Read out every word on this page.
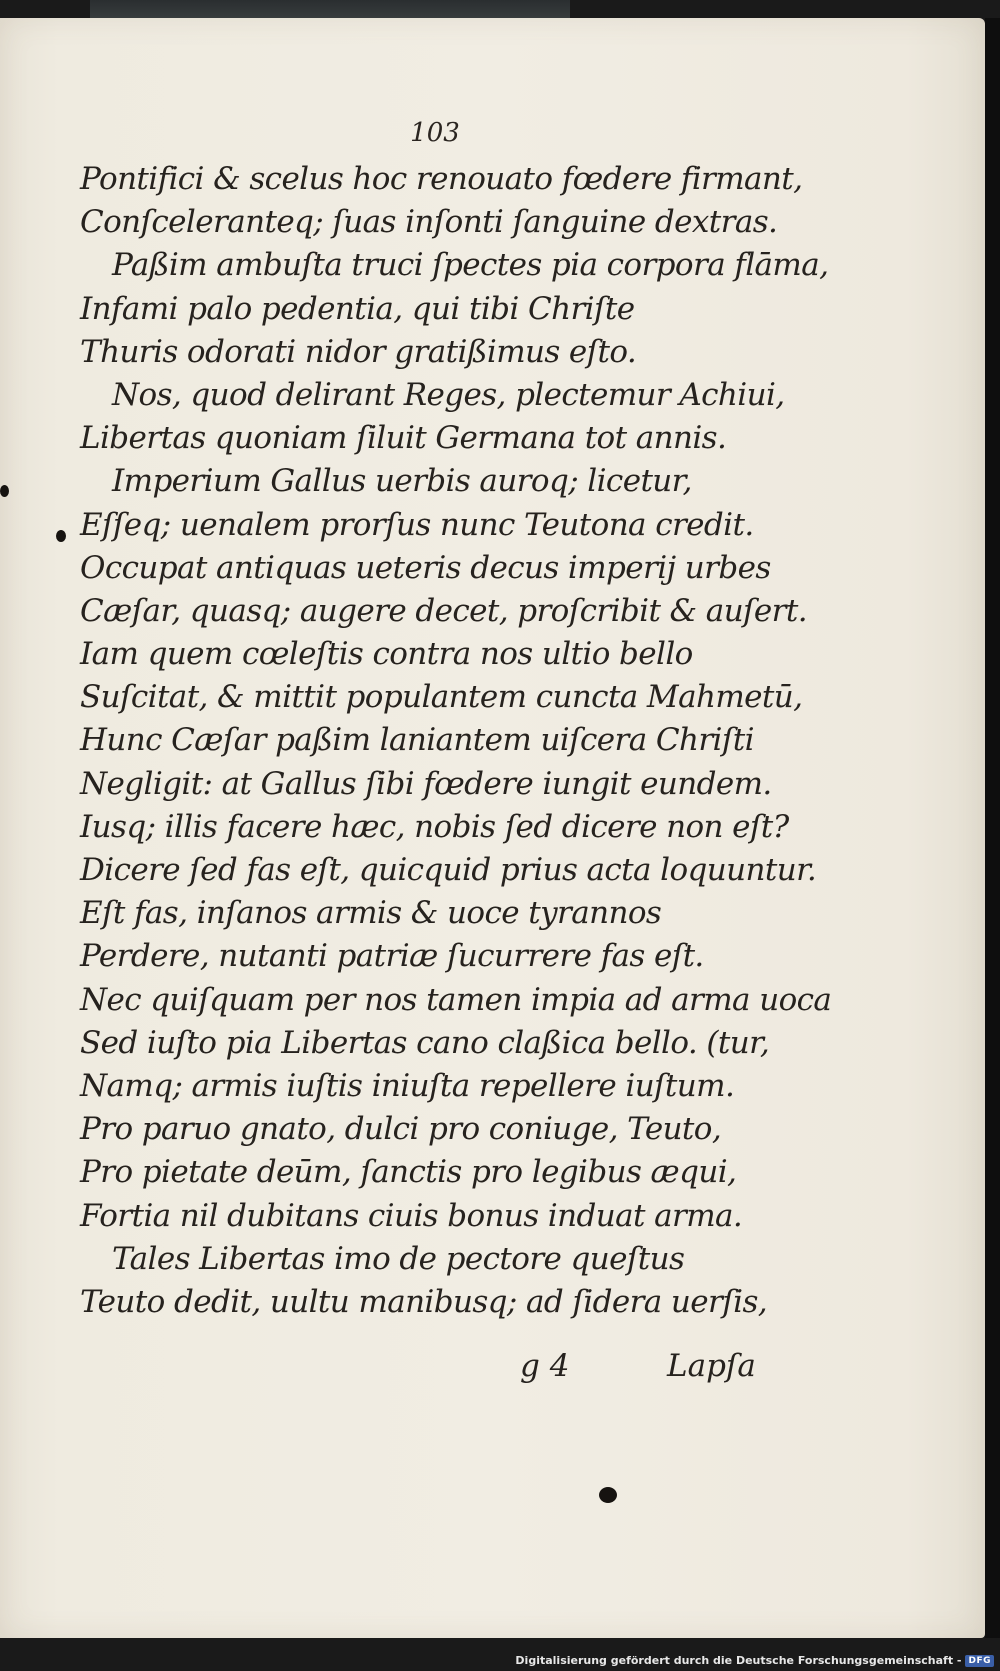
103
Pontifici & scelus hoc renouato fœdere firmant,
Conſceleranteq; ſuas inſonti ſanguine dextras.
Paßim ambuſta truci ſpectes pia corpora flāma,
Infami palo pedentia, qui tibi Chriſte
Thuris odorati nidor gratißimus eſto.
Nos, quod delirant Reges, plectemur Achiui,
Libertas quoniam ſiluit Germana tot annis.
Imperium Gallus uerbis auroq; licetur,
Eſſeq; uenalem prorſus nunc Teutona credit.
Occupat antiquas ueteris decus imperij urbes
Cæſar, quasq; augere decet, proſcribit & auſert.
Iam quem cœleſtis contra nos ultio bello
Suſcitat, & mittit populantem cuncta Mahmetū,
Hunc Cæſar paßim laniantem uiſcera Chriſti
Negligit: at Gallus ſibi fœdere iungit eundem.
Iusq; illis facere hæc, nobis ſed dicere non eſt?
Dicere ſed fas eſt, quicquid prius acta loquuntur.
Eſt fas, inſanos armis & uoce tyrannos
Perdere, nutanti patriæ ſucurrere fas eſt.
Nec quiſquam per nos tamen impia ad arma uoca
Sed iuſto pia Libertas cano claßica bello. (tur,
Namq; armis iuſtis iniuſta repellere iuſtum.
Pro paruo gnato, dulci pro coniuge, Teuto,
Pro pietate deūm, ſanctis pro legibus æqui,
Fortia nil dubitans ciuis bonus induat arma.
Tales Libertas imo de pectore queſtus
Teuto dedit, uultu manibusq; ad ſidera uerſis,
g 4	Lapſa
Digitalisierung gefördert durch die Deutsche Forschungsgemeinschaft - DFG
